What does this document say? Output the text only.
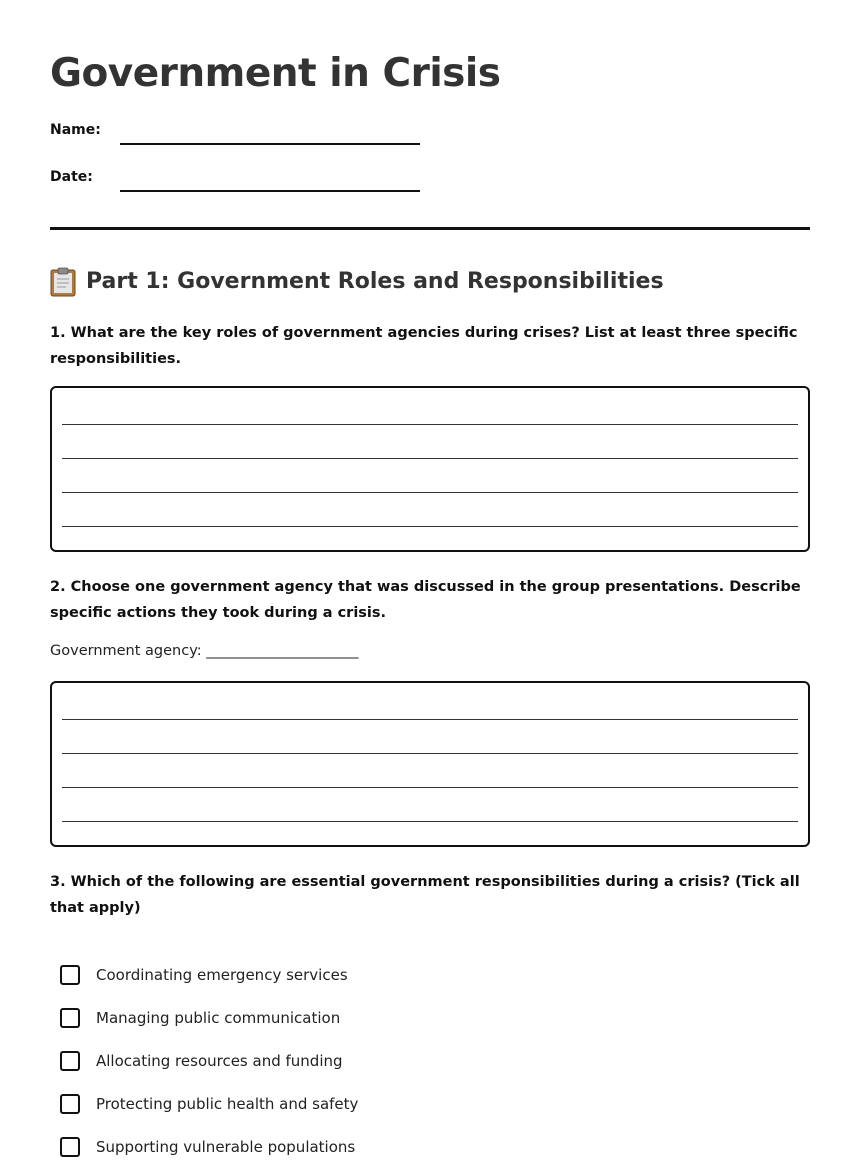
Government in Crisis
Name:
Date:
Part 1: Government Roles and Responsibilities

1. What are the key roles of government agencies during crises? List at least three specific responsibilities.

2. Choose one government agency that was discussed in the group presentations. Describe specific actions they took during a crisis.

Government agency: _____________________

3. Which of the following are essential government responsibilities during a crisis? (Tick all that apply)

Coordinating emergency services
Managing public communication
Allocating resources and funding
Protecting public health and safety
Supporting vulnerable populations
